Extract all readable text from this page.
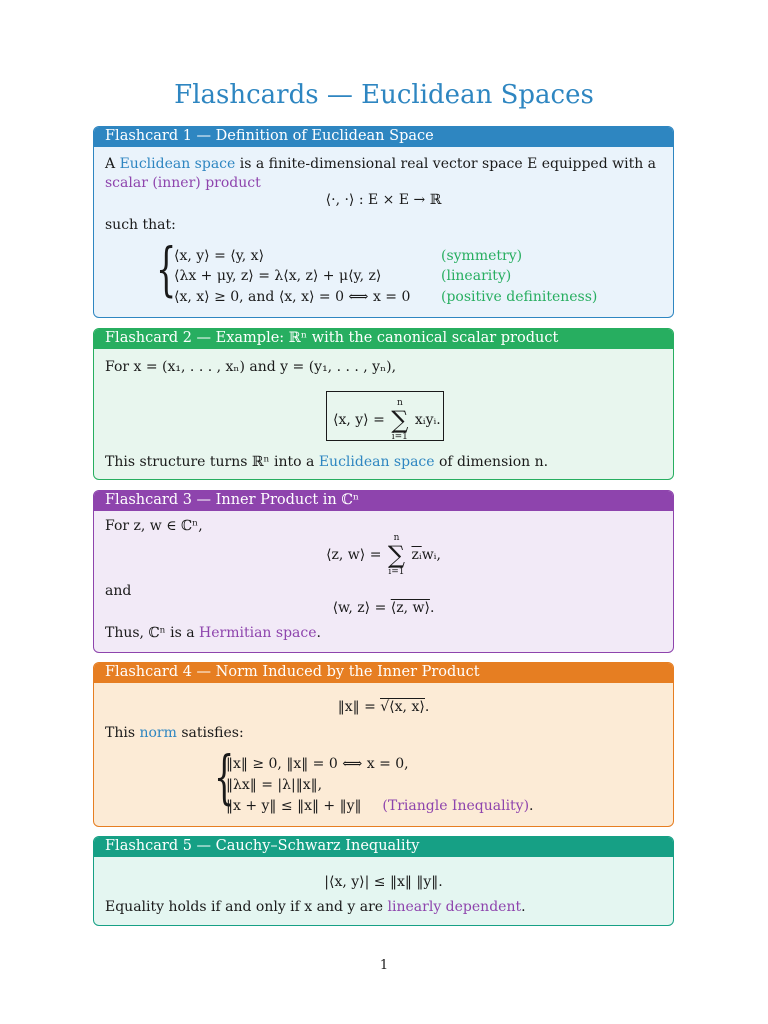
Flashcards — Euclidean Spaces
Flashcard 1 — Definition of Euclidean Space
A Euclidean space is a finite-dimensional real vector space E equipped with a
scalar (inner) product
⟨·, ·⟩ : E × E → ℝ
such that:
{
⟨x, y⟩ = ⟨y, x⟩	(symmetry)
⟨λx + μy, z⟩ = λ⟨x, z⟩ + μ⟨y, z⟩	(linearity)
⟨x, x⟩ ≥ 0, and ⟨x, x⟩ = 0 ⟺ x = 0 (positive definiteness)
Flashcard 2 — Example: ℝⁿ with the canonical scalar product
For x = (x₁, . . . , xₙ) and y = (y₁, . . . , yₙ),
⟨x, y⟩ =
n
∑
i=1
xᵢyᵢ.
This structure turns ℝⁿ into a Euclidean space of dimension n.
Flashcard 3 — Inner Product in ℂⁿ
For z, w ∈ ℂⁿ,
⟨z, w⟩ =
n
∑
i=1
$\overline{zᵢ}wᵢ$,
and
⟨w, z⟩ = ⟨z, w⟩.
Thus, ℂⁿ is a Hermitian space.
Flashcard 4 — Norm Induced by the Inner Product
‖x‖ = √⟨x, x⟩.
This norm satisfies:
{
‖x‖ ≥ 0, ‖x‖ = 0 ⟺ x = 0,
‖λx‖ = |λ|‖x‖,
‖x + y‖ ≤ ‖x‖ + ‖y‖ (Triangle Inequality).
Flashcard 5 — Cauchy–Schwarz Inequality
|⟨x, y⟩| ≤ ‖x‖ ‖y‖.
Equality holds if and only if x and y are linearly dependent.
1
